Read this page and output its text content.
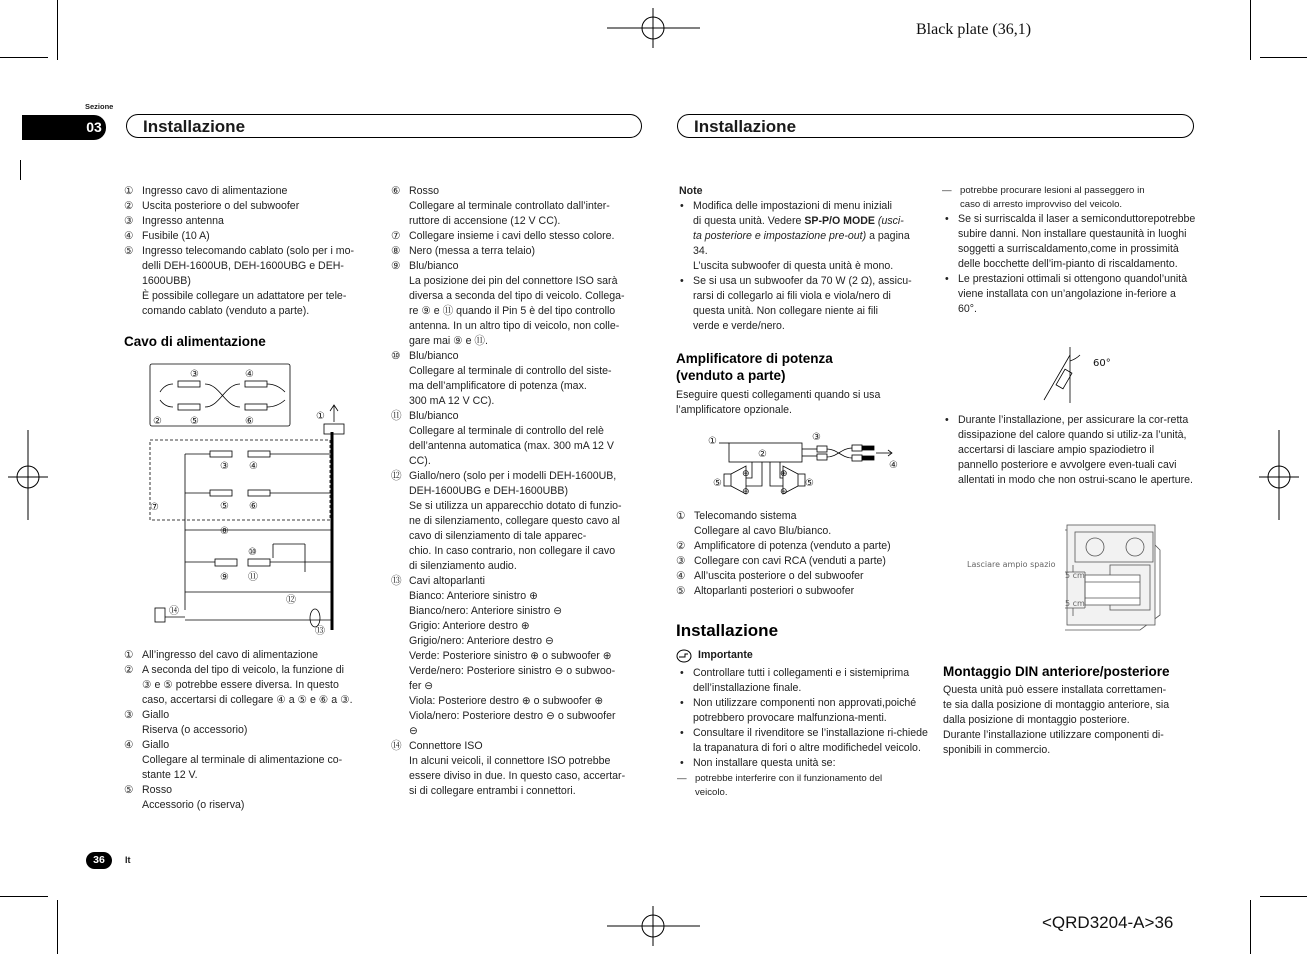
Black plate (36,1)
<QRD3204-A>36
Sezione
03	Installazione	Installazione
① Ingresso cavo di alimentazione
② Uscita posteriore o del subwoofer
③ Ingresso antenna
④ Fusibile (10 A)
⑤ Ingresso telecomando cablato (solo per i mo-
delli DEH-1600UB, DEH-1600UBG e DEH-
1600UBB)
È possibile collegare un adattatore per tele-
comando cablato (venduto a parte).
Cavo di alimentazione
③	④
②	⑤	⑥	①
③ ④
⑦	⑤ ⑥
⑧
⑩
⑨ ⑪
⑫
⑭
⑬
① All’ingresso del cavo di alimentazione
② A seconda del tipo di veicolo, la funzione di
③ e ⑤ potrebbe essere diversa. In questo
caso, accertarsi di collegare ④ a ⑤ e ⑥ a ③.
③ Giallo
Riserva (o accessorio)
④ Giallo
Collegare al terminale di alimentazione co-
stante 12 V.
⑤ Rosso
Accessorio (o riserva)
⑥ Rosso
Collegare al terminale controllato dall’inter-
ruttore di accensione (12 V CC).
⑦ Collegare insieme i cavi dello stesso colore.
⑧ Nero (messa a terra telaio)
⑨ Blu/bianco
La posizione dei pin del connettore ISO sarà
diversa a seconda del tipo di veicolo. Collega-
re ⑨ e ⑪ quando il Pin 5 è del tipo controllo
antenna. In un altro tipo di veicolo, non colle-
gare mai ⑨ e ⑪.
⑩ Blu/bianco
Collegare al terminale di controllo del siste-
ma dell’amplificatore di potenza (max.
300 mA 12 V CC).
⑪ Blu/bianco
Collegare al terminale di controllo del relè
dell’antenna automatica (max. 300 mA 12 V
CC).
⑫ Giallo/nero (solo per i modelli DEH-1600UB,
DEH-1600UBG e DEH-1600UBB)
Se si utilizza un apparecchio dotato di funzio-
ne di silenziamento, collegare questo cavo al
cavo di silenziamento di tale apparec-
chio. In caso contrario, non collegare il cavo
di silenziamento audio.
⑬ Cavi altoparlanti
Bianco: Anteriore sinistro ⊕
Bianco/nero: Anteriore sinistro ⊖
Grigio: Anteriore destro ⊕
Grigio/nero: Anteriore destro ⊖
Verde: Posteriore sinistro ⊕ o subwoofer ⊕
Verde/nero: Posteriore sinistro ⊖ o subwoo-
fer ⊖
Viola: Posteriore destro ⊕ o subwoofer ⊕
Viola/nero: Posteriore destro ⊖ o subwoofer
⊖
⑭ Connettore ISO
In alcuni veicoli, il connettore ISO potrebbe
essere diviso in due. In questo caso, accertar-
si di collegare entrambi i connettori.
Note
• Modifica delle impostazioni di menu iniziali
di questa unità. Vedere SP-P/O MODE (usci-
ta posteriore e impostazione pre-out) a pagina
34.
L’uscita subwoofer di questa unità è mono.
• Se si usa un subwoofer da 70 W (2 Ω), assicu-
rarsi di collegarlo ai fili viola e viola/nero di
questa unità. Non collegare niente ai fili
verde e verde/nero.
Amplificatore di potenza
(venduto a parte)
Eseguire questi collegamenti quando si usa
l’amplificatore opzionale.
①
②
③
④
⑤	⑤
⊕
⊖
⊕
⊖
① Telecomando sistema
Collegare al cavo Blu/bianco.
② Amplificatore di potenza (venduto a parte)
③ Collegare con cavi RCA (venduti a parte)
④ All’uscita posteriore o del subwoofer
⑤ Altoparlanti posteriori o subwoofer
Installazione
Importante
• Controllare tutti i collegamenti e i sistemiprima dell’installazione finale.
• Non utilizzare componenti non approvati,poiché potrebbero provocare malfunziona-menti.
• Consultare il rivenditore se l’installazione ri-chiede la trapanatura di fori o altre modifichedel veicolo.
• Non installare questa unità se:
— potrebbe interferire con il funzionamento del
veicolo.
— potrebbe procurare lesioni al passeggero in
caso di arresto improvviso del veicolo.
• Se si surriscalda il laser a semiconduttorepotrebbe subire danni. Non installare questaunità in luoghi soggetti a surriscaldamento,come in prossimità delle bocchette dell’im-pianto di riscaldamento.
• Le prestazioni ottimali si ottengono quandol’unità viene installata con un’angolazione in-feriore a 60°.
60°
• Durante l’installazione, per assicurare la cor-retta dissipazione del calore quando si utiliz-za l’unità, accertarsi di lasciare ampio spaziodietro il pannello posteriore e avvolgere even-tuali cavi allentati in modo che non ostrui-scano le aperture.
Lasciare ampio spazio
5 cm
5 cm
Montaggio DIN anteriore/posteriore
Questa unità può essere installata correttamen-
te sia dalla posizione di montaggio anteriore, sia
dalla posizione di montaggio posteriore.
Durante l’installazione utilizzare componenti di-
sponibili in commercio.
36	It
